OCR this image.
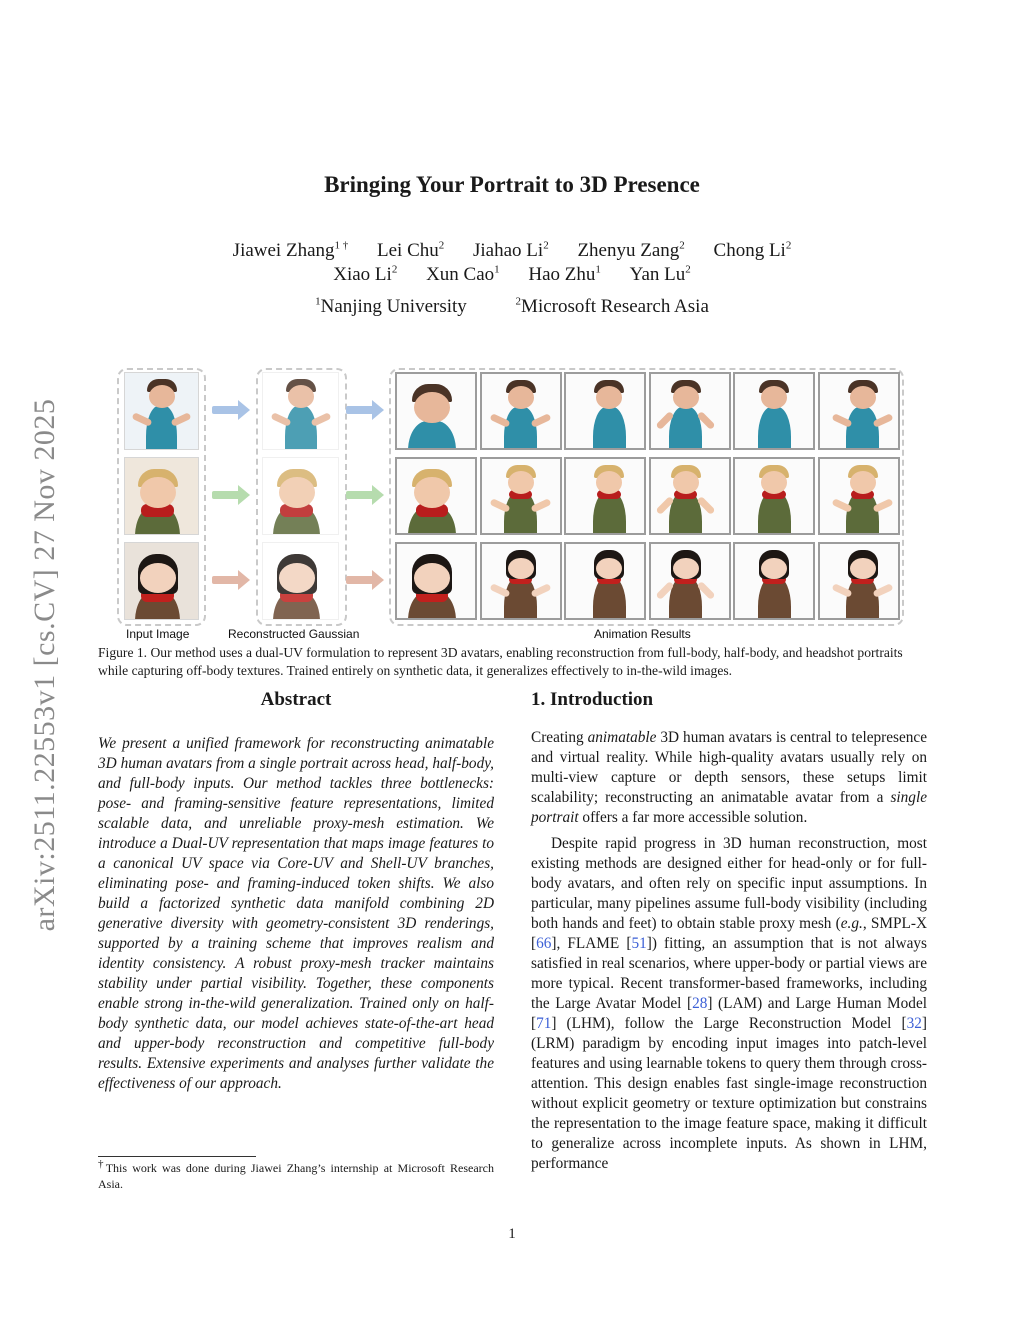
arXiv:2511.22553v1 [cs.CV] 27 Nov 2025
Bringing Your Portrait to 3D Presence
Jiawei Zhang$^{1 \dagger}$ Lei Chu$^2$ Jiahao Li$^2$ Zhenyu Zang$^2$ Chong Li$^2$
Xiao Li$^2$ Xun Cao$^1$ Hao Zhu$^1$ Yan Lu$^2$
$^1$Nanjing University	$^2$Microsoft Research Asia
Input Image	Reconstructed Gaussian	Animation Results
Figure 1. Our method uses a dual-UV formulation to represent 3D avatars, enabling reconstruction from full-body, half-body, and headshot portraits while capturing off-body textures. Trained entirely on synthetic data, it generalizes effectively to in-the-wild images.
Abstract
We present a unified framework for reconstructing animatable 3D human avatars from a single portrait across head, half-body, and full-body inputs. Our method tackles three bottlenecks: pose- and framing-sensitive feature representations, limited scalable data, and unreliable proxy-mesh estimation. We introduce a Dual-UV representation that maps image features to a canonical UV space via Core-UV and Shell-UV branches, eliminating pose- and framing-induced token shifts. We also build a factorized synthetic data manifold combining 2D generative diversity with geometry-consistent 3D renderings, supported by a training scheme that improves realism and identity consistency. A robust proxy-mesh tracker maintains stability under partial visibility. Together, these components enable strong in-the-wild generalization. Trained only on half-body synthetic data, our model achieves state-of-the-art head and upper-body reconstruction and competitive full-body results. Extensive experiments and analyses further validate the effectiveness of our approach.
†This work was done during Jiawei Zhang’s internship at Microsoft Research Asia.
1. Introduction

Creating animatable 3D human avatars is central to telepresence and virtual reality. While high-quality avatars usually rely on multi-view capture or depth sensors, these setups limit scalability; reconstructing an animatable avatar from a single portrait offers a far more accessible solution.

Despite rapid progress in 3D human reconstruction, most existing methods are designed either for head-only or for full-body avatars, and often rely on specific input assumptions. In particular, many pipelines assume full-body visibility (including both hands and feet) to obtain stable proxy mesh (e.g., SMPL-X [66], FLAME [51]) fitting, an assumption that is not always satisfied in real scenarios, where upper-body or partial views are more typical. Recent transformer-based frameworks, including the Large Avatar Model [28] (LAM) and Large Human Model [71] (LHM), follow the Large Reconstruction Model [32] (LRM) paradigm by encoding input images into patch-level features and using learnable tokens to query them through cross-attention. This design enables fast single-image reconstruction without explicit geometry or texture optimization but constrains the representation to the image feature space, making it difficult to generalize across incomplete inputs. As shown in LHM, performance

1
